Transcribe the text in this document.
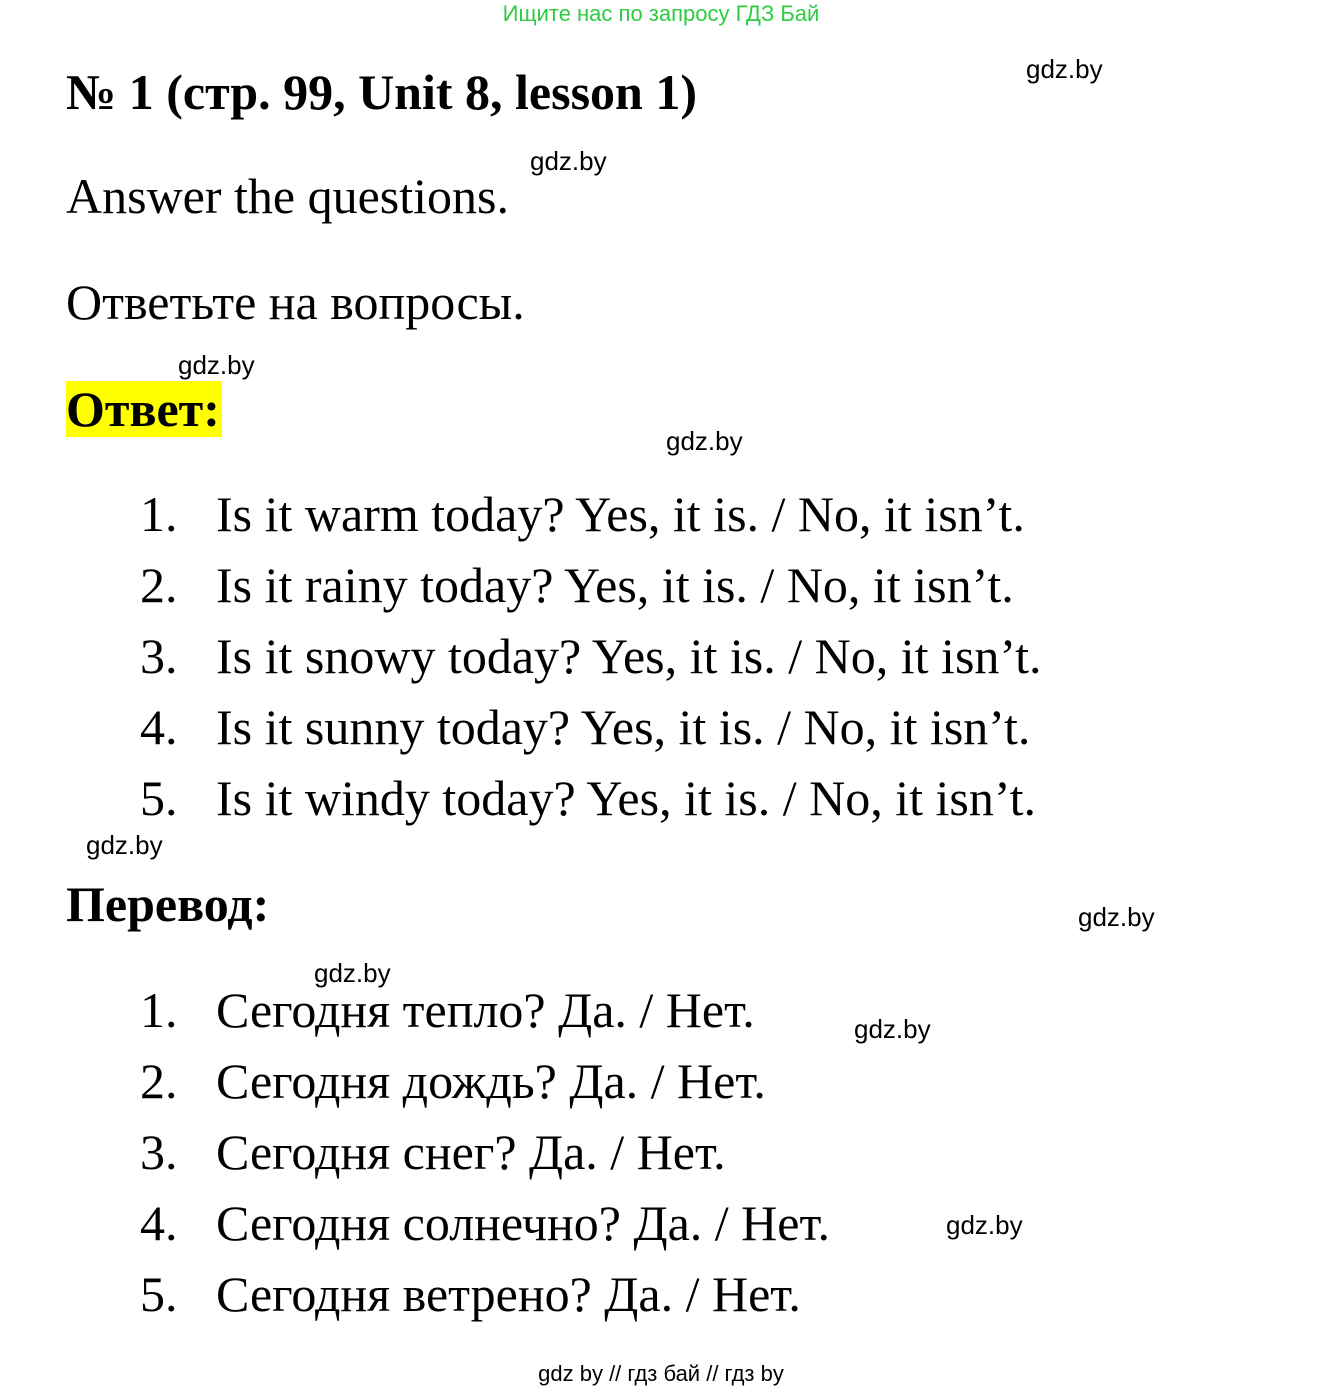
Ищите нас по запросу ГДЗ Бай
№ 1 (стр. 99, Unit 8, lesson 1)
Answer the questions.
Ответьте на вопросы.
Ответ:
1. Is it warm today? Yes, it is. / No, it isn’t.
2. Is it rainy today? Yes, it is. / No, it isn’t.
3. Is it snowy today? Yes, it is. / No, it isn’t.
4. Is it sunny today? Yes, it is. / No, it isn’t.
5. Is it windy today? Yes, it is. / No, it isn’t.
Перевод:
1. Сегодня тепло? Да. / Нет.
2. Сегодня дождь? Да. / Нет.
3. Сегодня снег? Да. / Нет.
4. Сегодня солнечно? Да. / Нет.
5. Сегодня ветрено? Да. / Нет.
gdz.by
gdz.by
gdz.by
gdz.by
gdz.by
gdz.by
gdz.by
gdz.by
gdz.by
gdz by // гдз бай // гдз by
